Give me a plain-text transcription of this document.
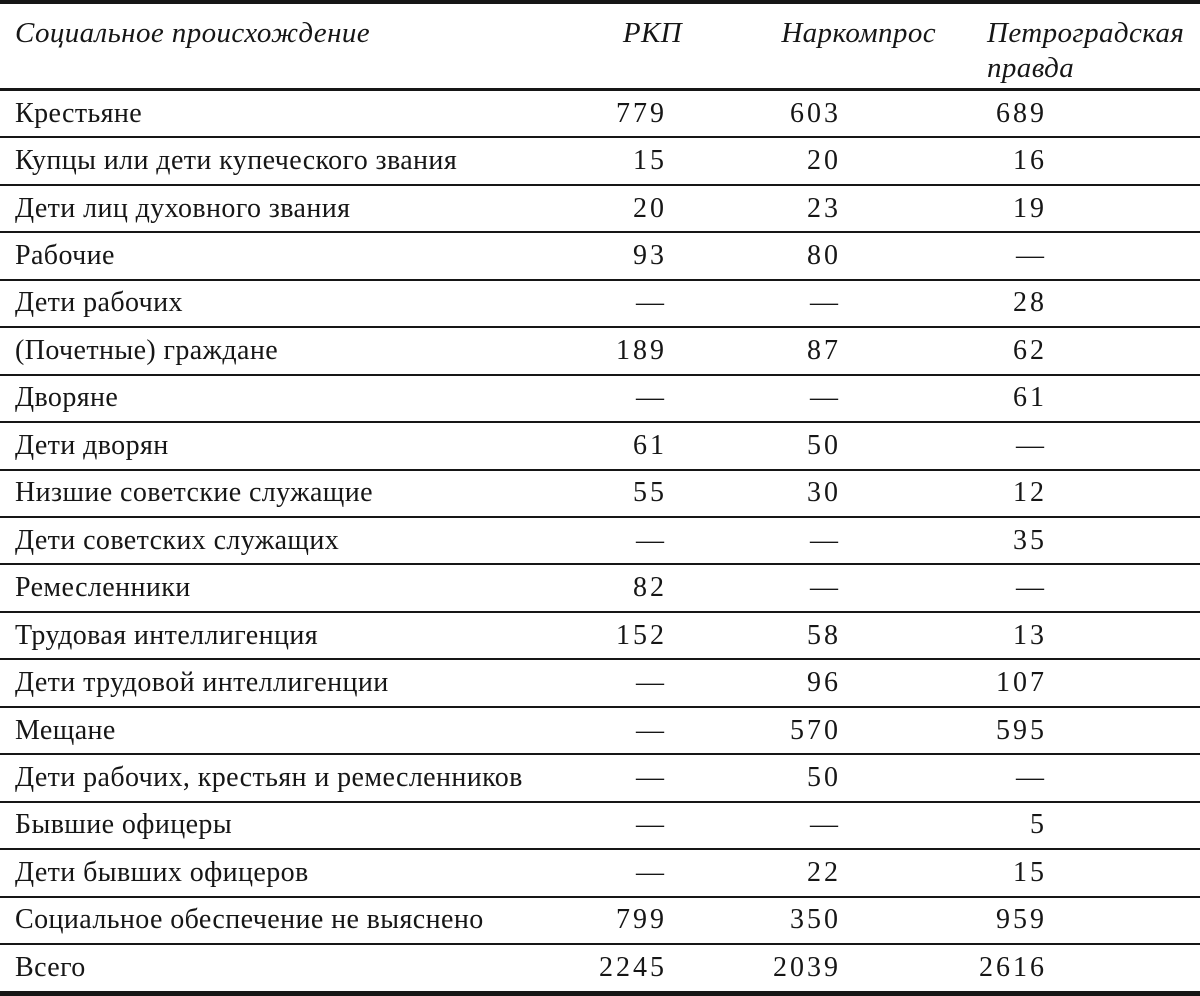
Социальное происхождение	РКП	Наркомпрос	Петроградская правда
Крестьяне	779	603	689
Купцы или дети купеческого звания	15	20	16
Дети лиц духовного звания	20	23	19
Рабочие	93	80	—
Дети рабочих	—	—	28
(Почетные) граждане	189	87	62
Дворяне	—	—	61
Дети дворян	61	50	—
Низшие советские служащие	55	30	12
Дети советских служащих	—	—	35
Ремесленники	82	—	—
Трудовая интеллигенция	152	58	13
Дети трудовой интеллигенции	—	96	107
Мещане	—	570	595
Дети рабочих, крестьян и ремесленников	—	50	—
Бывшие офицеры	—	—	5
Дети бывших офицеров	—	22	15
Социальное обеспечение не выяснено	799	350	959
Всего	2245	2039	2616
